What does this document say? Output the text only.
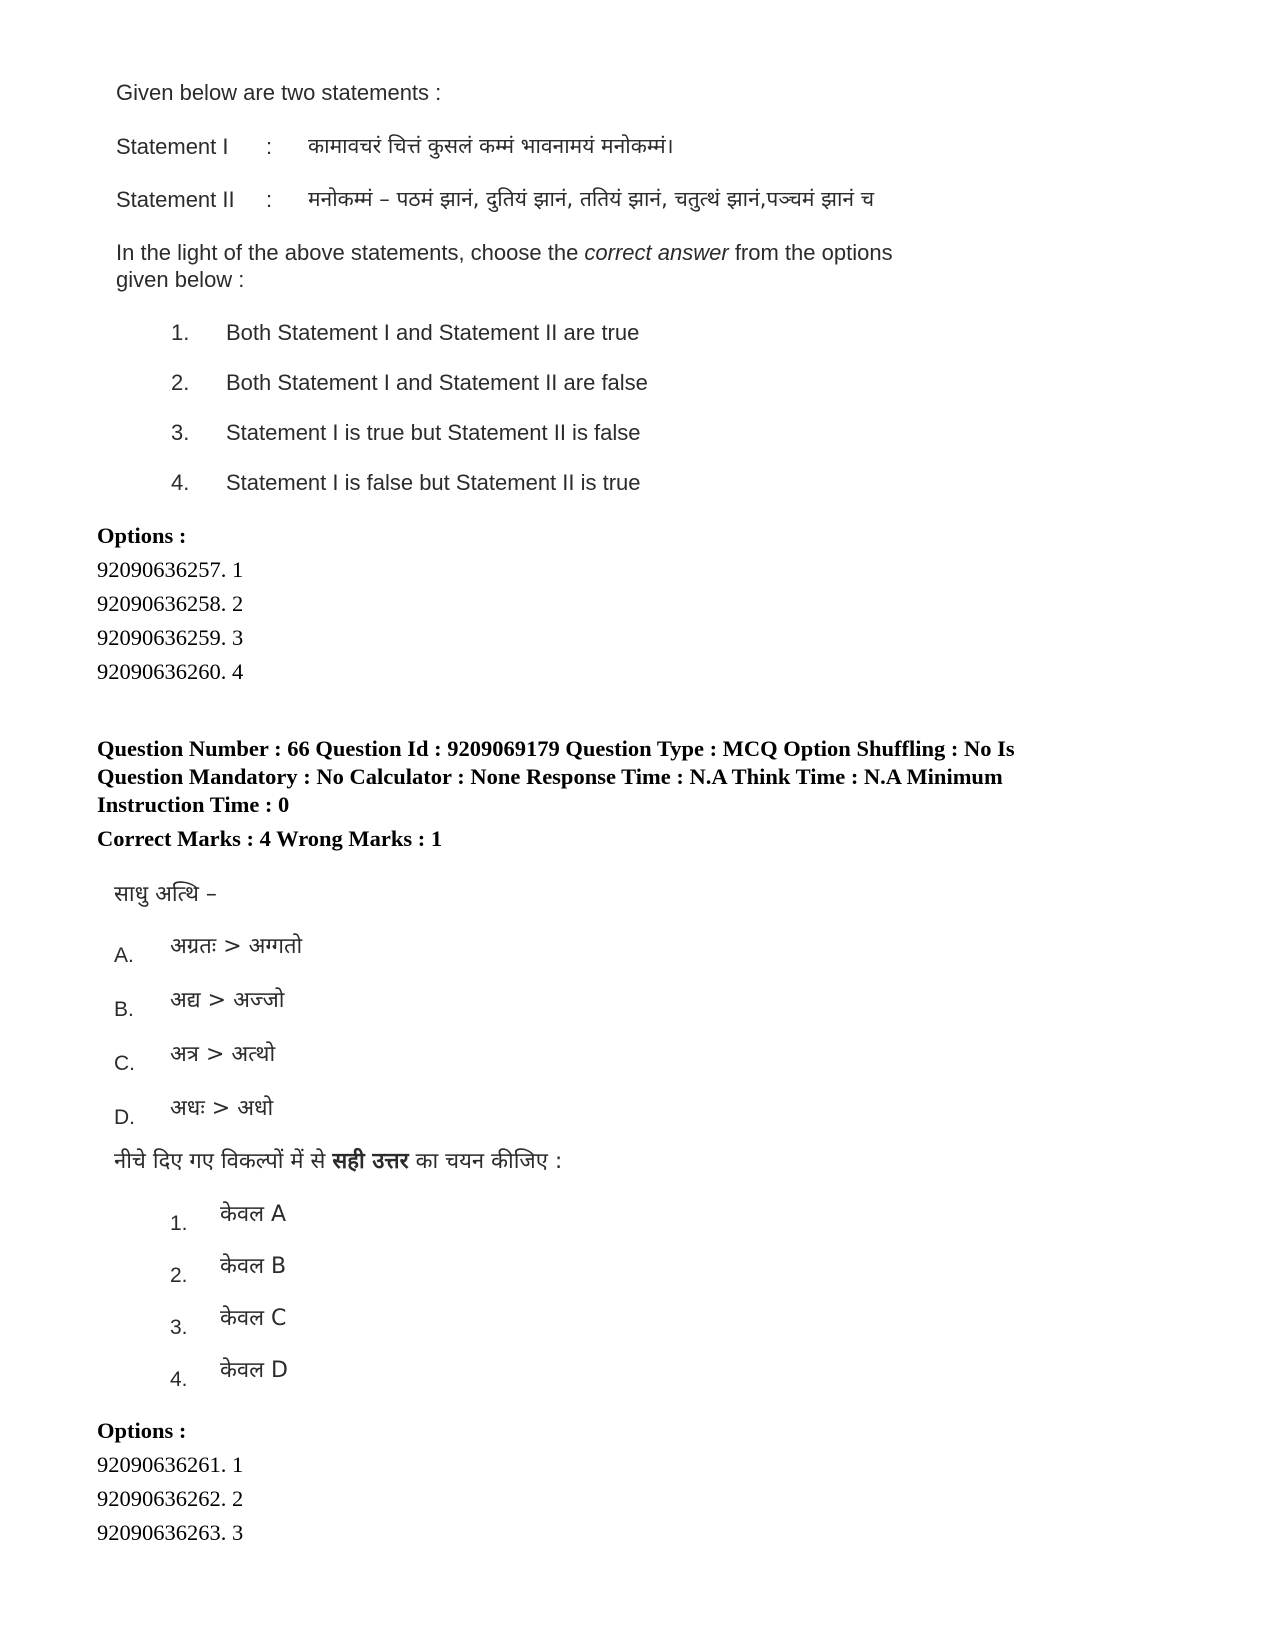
Given below are two statements :
Statement I : कामावचरं चित्तं कुसलं कम्मं भावनामयं मनोकम्मं।
Statement II : मनोकम्मं – पठमं झानं, दुतियं झानं, ततियं झानं, चतुत्थं झानं,पञ्चमं झानं च
In the light of the above statements, choose the correct answer from the options
given below :
1. Both Statement I and Statement II are true
2. Both Statement I and Statement II are false
3. Statement I is true but Statement II is false
4. Statement I is false but Statement II is true
Options :
92090636257. 1
92090636258. 2
92090636259. 3
92090636260. 4
Question Number : 66 Question Id : 9209069179 Question Type : MCQ Option Shuffling : No Is
Question Mandatory : No Calculator : None Response Time : N.A Think Time : N.A Minimum
Instruction Time : 0
Correct Marks : 4 Wrong Marks : 1
साधु अत्थि –
A. अग्रतः > अग्गतो
B. अद्य > अज्जो
C. अत्र > अत्थो
D. अधः > अधो
नीचे दिए गए विकल्पों में से सही उत्तर का चयन कीजिए :
1. केवल A
2. केवल B
3. केवल C
4. केवल D
Options :
92090636261. 1
92090636262. 2
92090636263. 3
